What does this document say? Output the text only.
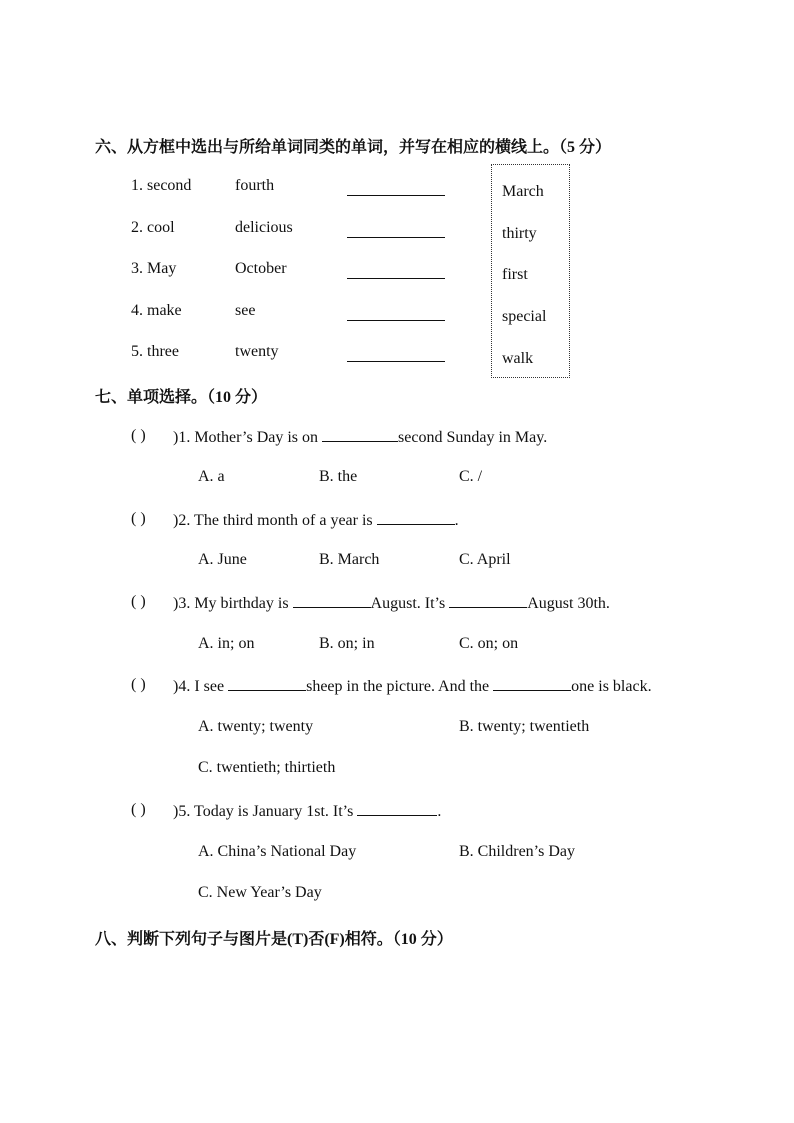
六、从方框中选出与所给单词同类的单词，并写在相应的横线上。（5 分）
1. second	fourth
2. cool	delicious
3. May	October
4. make	see
5. three	twenty
March
thirty
first
special
walk
七、单项选择。（10 分）
( ) )1. Mother’s Day is on	second Sunday in May.
A. a	B. the	C. /
( ) )2. The third month of a year is	.
A. June	B. March	C. April
( ) )3. My birthday is	August. It’s	August 30th.
A. in; on	B. on; in	C. on; on
( ) )4. I see	sheep in the picture. And the	one is black.
A. twenty; twenty	B. twenty; twentieth
C. twentieth; thirtieth
( ) )5. Today is January 1st. It’s	.
A. China’s National Day	B. Children’s Day
C. New Year’s Day
八、判断下列句子与图片是(T)否(F)相符。（10 分）
